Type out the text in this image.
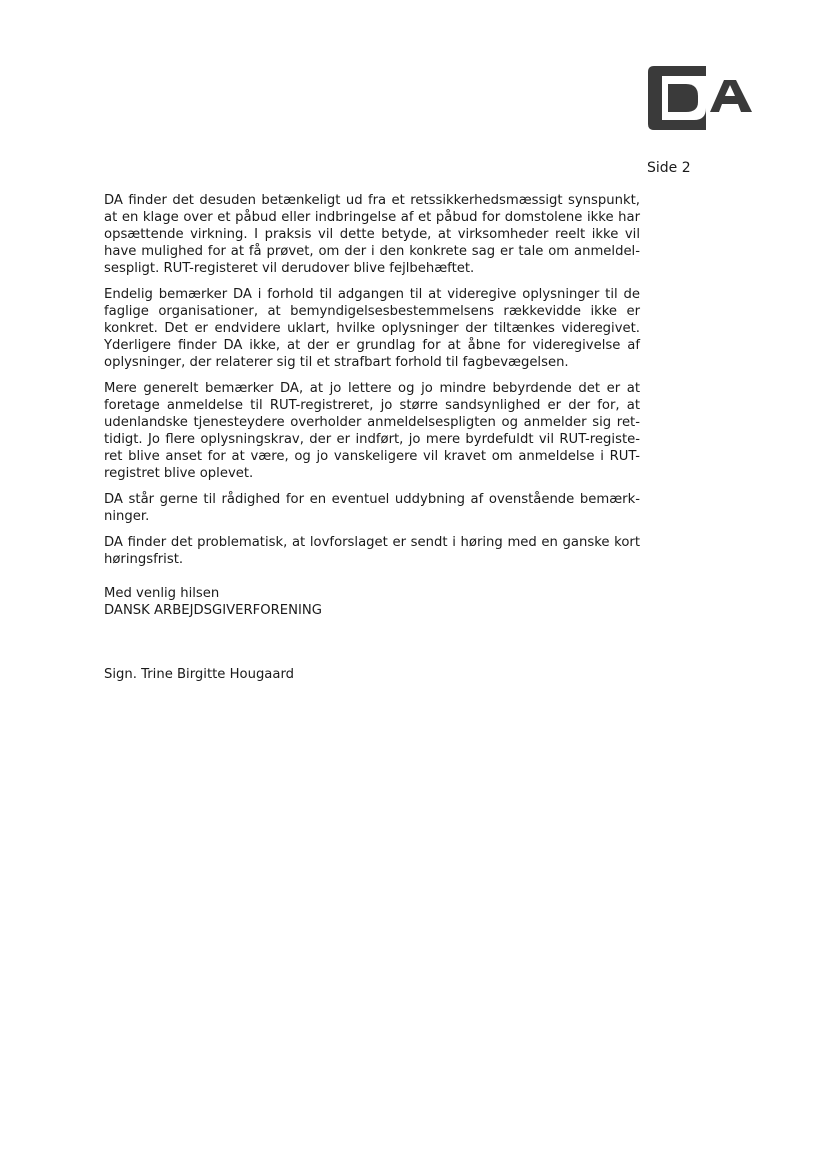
Side 2

DA finder det desuden betænkeligt ud fra et retssikkerhedsmæssigt synspunkt, at en klage over et påbud eller indbringelse af et påbud for domstolene ikke har opsættende virkning. I praksis vil dette betyde, at virksomheder reelt ikke vil have mulighed for at få prøvet, om der i den konkrete sag er tale om anmeldelsespligt. RUT-registeret vil derudover blive fejlbehæftet.

Endelig bemærker DA i forhold til adgangen til at videregive oplysninger til de faglige organisationer, at bemyndigelsesbestemmelsens rækkevidde ikke er konkret. Det er endvidere uklart, hvilke oplysninger der tiltænkes videregivet. Yderligere finder DA ikke, at der er grundlag for at åbne for videregivelse af oplysninger, der relaterer sig til et strafbart forhold til fagbevægelsen.

Mere generelt bemærker DA, at jo lettere og jo mindre bebyrdende det er at foretage anmeldelse til RUT-registreret, jo større sandsynlighed er der for, at udenlandske tjenesteydere overholder anmeldelsespligten og anmelder sig rettidigt. Jo flere oplysningskrav, der er indført, jo mere byrdefuldt vil RUT-registeret blive anset for at være, og jo vanskeligere vil kravet om anmeldelse i RUT-registret blive oplevet.

DA står gerne til rådighed for en eventuel uddybning af ovenstående bemærkninger.

DA finder det problematisk, at lovforslaget er sendt i høring med en ganske kort høringsfrist.

Med venlig hilsen
DANSK ARBEJDSGIVERFORENING
Sign. Trine Birgitte Hougaard
